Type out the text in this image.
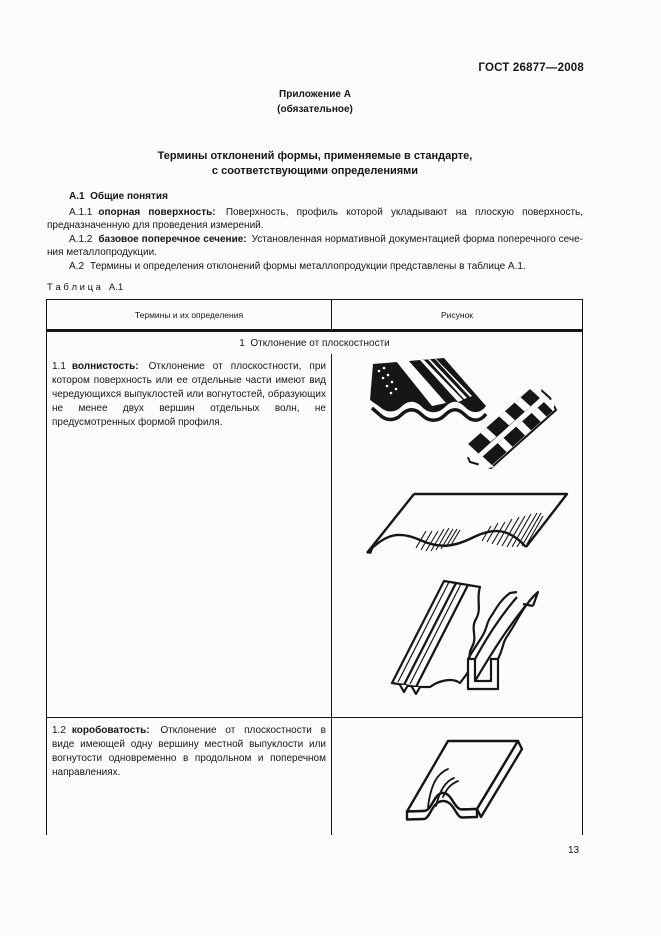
ГОСТ 26877—2008
Приложение А
(обязательное)
Термины отклонений формы, применяемые в стандарте,
с соответствующими определениями
А.1  Общие понятия

А.1.1 опорная поверхность: Поверхность, профиль которой укладывают на плоскую поверхность, предназначенную для проведения измерений.

А.1.2 базовое поперечное сечение: Установленная нормативной документацией форма поперечного сечения металлопродукции.

А.2 Термины и определения отклонений формы металлопродукции представлены в таблице А.1.

Т а б л и ц а   А.1
Термины и их определения	Рисунок
1  Отклонение от плоскостности
1.1 волнистость: Отклонение от плоскостности, при котором поверхность или ее отдельные части имеют вид чередующихся выпуклостей или вогнутостей, образующих не менее двух вершин отдельных волн, не предусмотренных формой профиля.
1.2 коробоватость: Отклонение от плоскостности в виде имеющей одну вершину местной выпуклости или вогнутости одновременно в продольном и поперечном направлениях.
13
